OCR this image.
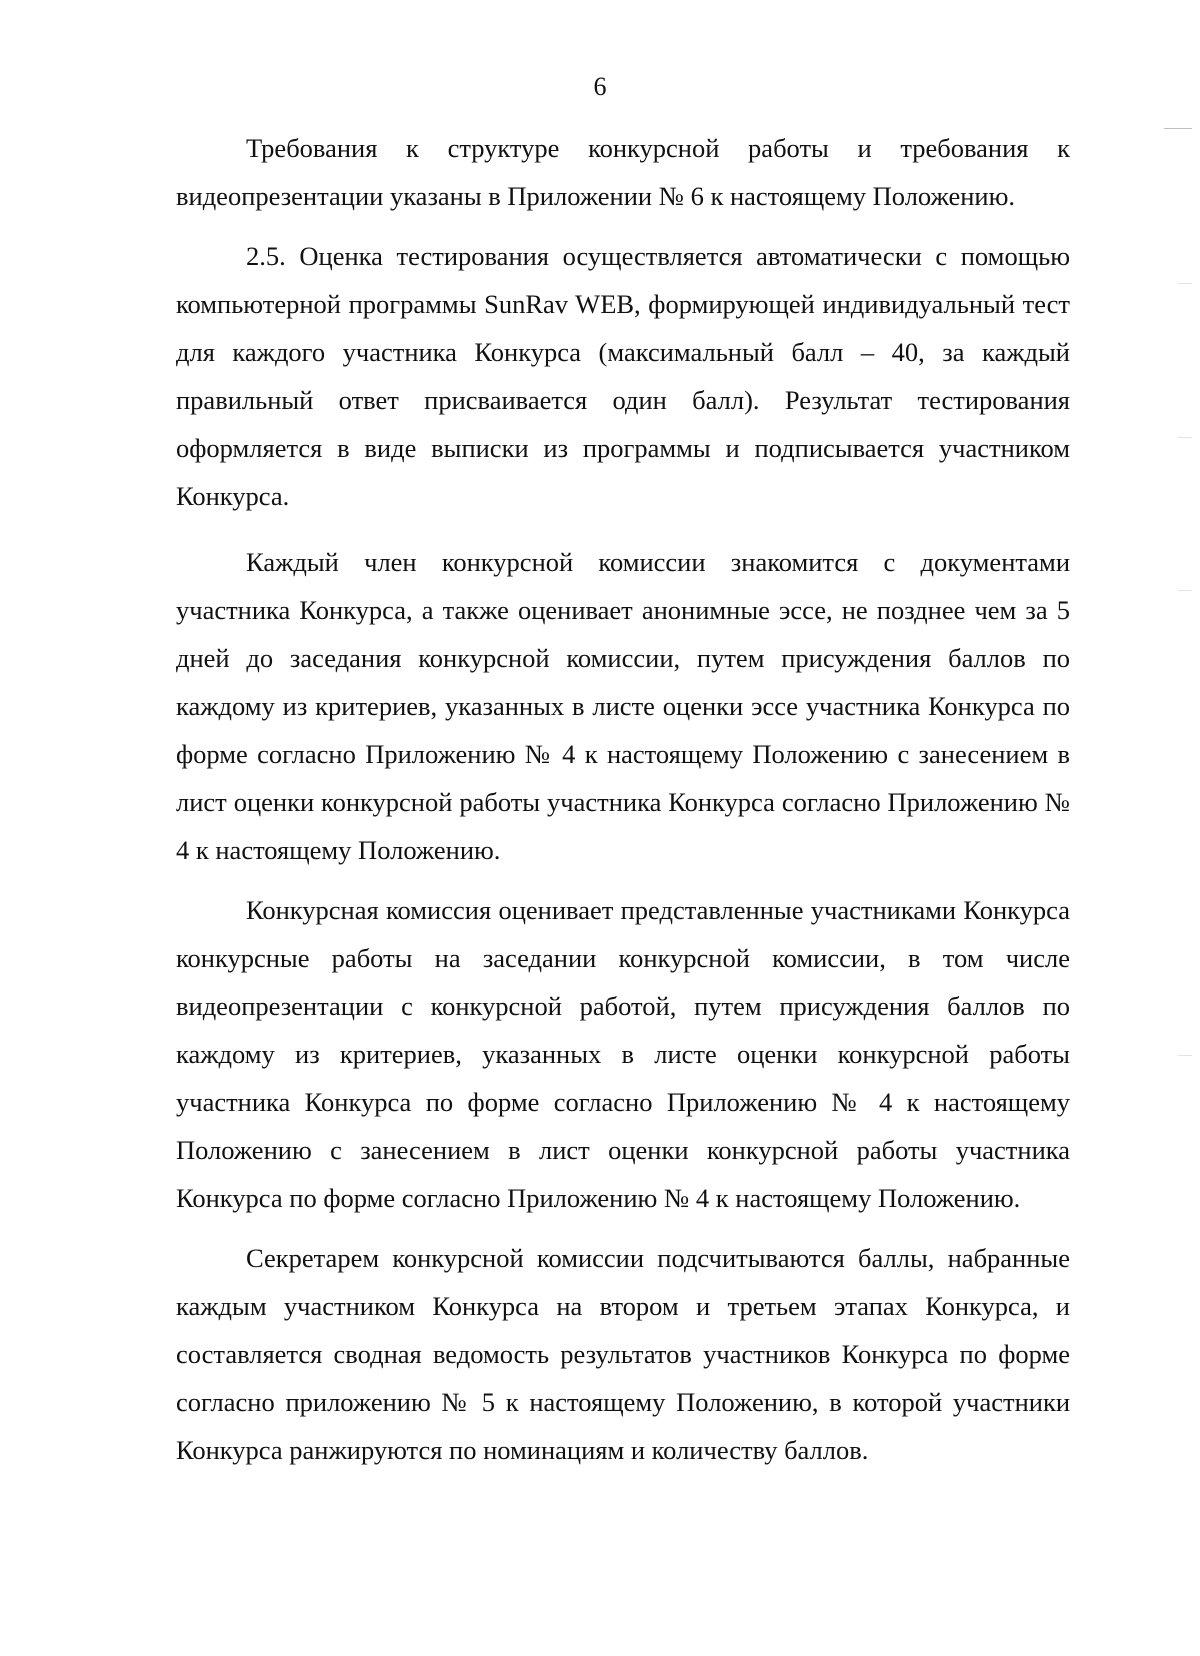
6

Требования к структуре конкурсной работы и требования к видеопрезентации указаны в Приложении № 6 к настоящему Положению.

2.5. Оценка тестирования осуществляется автоматически с помощью компьютерной программы SunRav WEB, формирующей индивидуальный тест для каждого участника Конкурса (максимальный балл – 40, за каждый правильный ответ присваивается один балл). Результат тестирования оформляется в виде выписки из программы и подписывается участником Конкурса.

Каждый член конкурсной комиссии знакомится с документами участника Конкурса, а также оценивает анонимные эссе, не позднее чем за 5 дней до заседания конкурсной комиссии, путем присуждения баллов по каждому из критериев, указанных в листе оценки эссе участника Конкурса по форме согласно Приложению № 4 к настоящему Положению с занесением в лист оценки конкурсной работы участника Конкурса согласно Приложению № 4 к настоящему Положению.

Конкурсная комиссия оценивает представленные участниками Конкурса конкурсные работы на заседании конкурсной комиссии, в том числе видеопрезентации с конкурсной работой, путем присуждения баллов по каждому из критериев, указанных в листе оценки конкурсной работы участника Конкурса по форме согласно Приложению № 4 к настоящему Положению с занесением в лист оценки конкурсной работы участника Конкурса по форме согласно Приложению № 4 к настоящему Положению.

Секретарем конкурсной комиссии подсчитываются баллы, набранные каждым участником Конкурса на втором и третьем этапах Конкурса, и составляется сводная ведомость результатов участников Конкурса по форме согласно приложению № 5 к настоящему Положению, в которой участники Конкурса ранжируются по номинациям и количеству баллов.
